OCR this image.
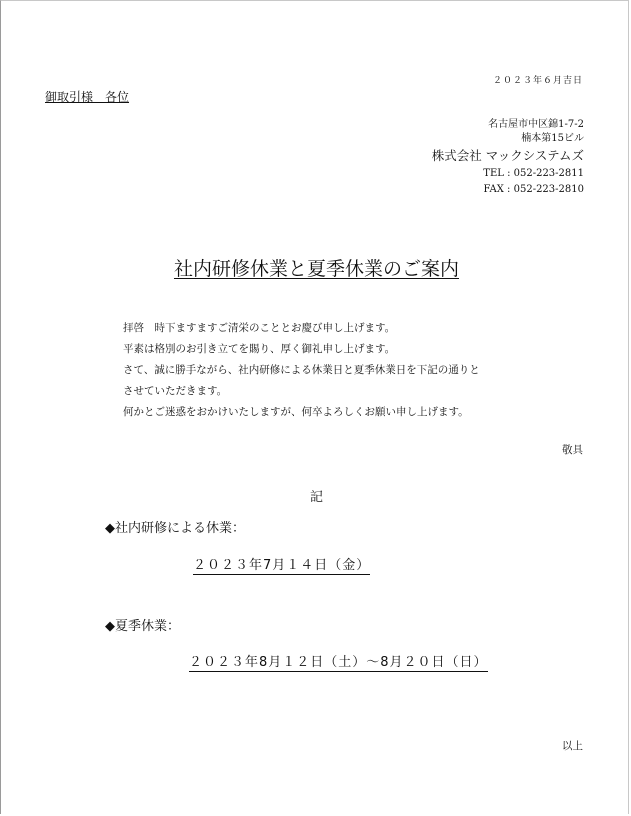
２０２３年６月吉日
御取引様　各位
名古屋市中区錦1-7-2
楠本第15ビル
株式会社 マックシステムズ
TEL : 052-223-2811
FAX : 052-223-2810
社内研修休業と夏季休業のご案内
拝啓　時下ますますご清栄のこととお慶び申し上げます。
平素は格別のお引き立てを賜り、厚く御礼申し上げます。
さて、誠に勝手ながら、社内研修による休業日と夏季休業日を下記の通りと
させていただきます。
何かとご迷惑をおかけいたしますが、何卒よろしくお願い申し上げます。
敬具
記
◆社内研修による休業：
２０２３年7月１４日（金）
◆夏季休業：
２０２３年8月１２日（土）～8月２０日（日）
以上
